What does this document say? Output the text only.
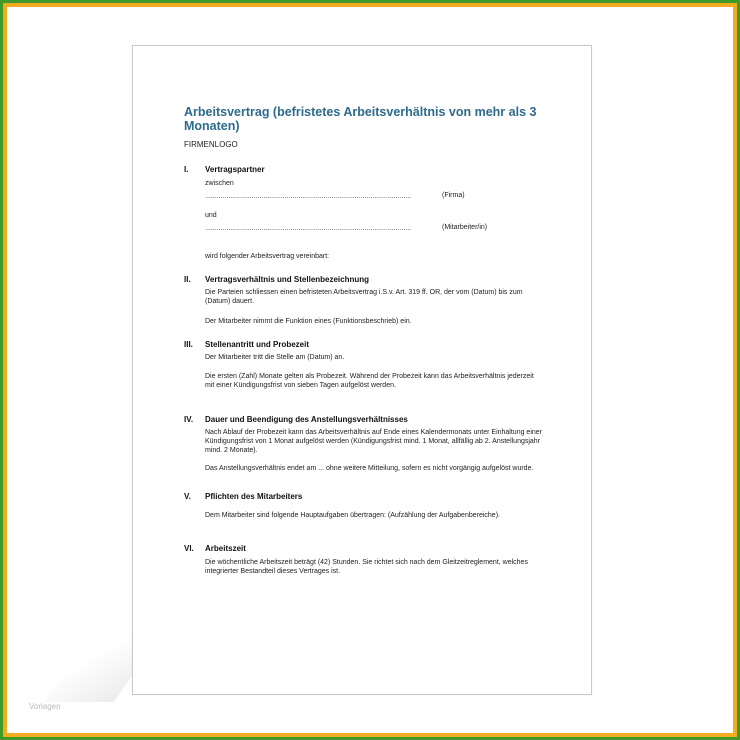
Arbeitsvertrag (befristetes Arbeitsverhältnis von mehr als 3 Monaten)
FIRMENLOGO
I. Vertragspartner
zwischen
..........................................................................................................	(Firma)
und
..........................................................................................................	(Mitarbeiter/in)
wird folgender Arbeitsvertrag vereinbart:
II. Vertragsverhältnis und Stellenbezeichnung
Die Parteien schliessen einen befristeten Arbeitsvertrag i.S.v. Art. 319 ff. OR, der vom (Datum) bis zum (Datum) dauert.
Der Mitarbeiter nimmt die Funktion eines (Funktionsbeschrieb) ein.
III. Stellenantritt und Probezeit
Der Mitarbeiter tritt die Stelle am (Datum) an.
Die ersten (Zahl) Monate gelten als Probezeit. Während der Probezeit kann das Arbeitsverhältnis jederzeit mit einer Kündigungsfrist von sieben Tagen aufgelöst werden.
IV. Dauer und Beendigung des Anstellungsverhältnisses
Nach Ablauf der Probezeit kann das Arbeitsverhältnis auf Ende eines Kalendermonats unter Einhaltung einer Kündigungsfrist von 1 Monat aufgelöst werden (Kündigungsfrist mind. 1 Monat, allfällig ab 2. Anstellungsjahr mind. 2 Monate).
Das Anstellungsverhältnis endet am ... ohne weitere Mitteilung, sofern es nicht vorgängig aufgelöst wurde.
V. Pflichten des Mitarbeiters
Dem Mitarbeiter sind folgende Hauptaufgaben übertragen: (Aufzählung der Aufgabenbereiche).
VI. Arbeitszeit
Die wöchentliche Arbeitszeit beträgt (42) Stunden. Sie richtet sich nach dem Gleitzeitreglement, welches integrierter Bestandteil dieses Vertrages ist.
Vorlagen
